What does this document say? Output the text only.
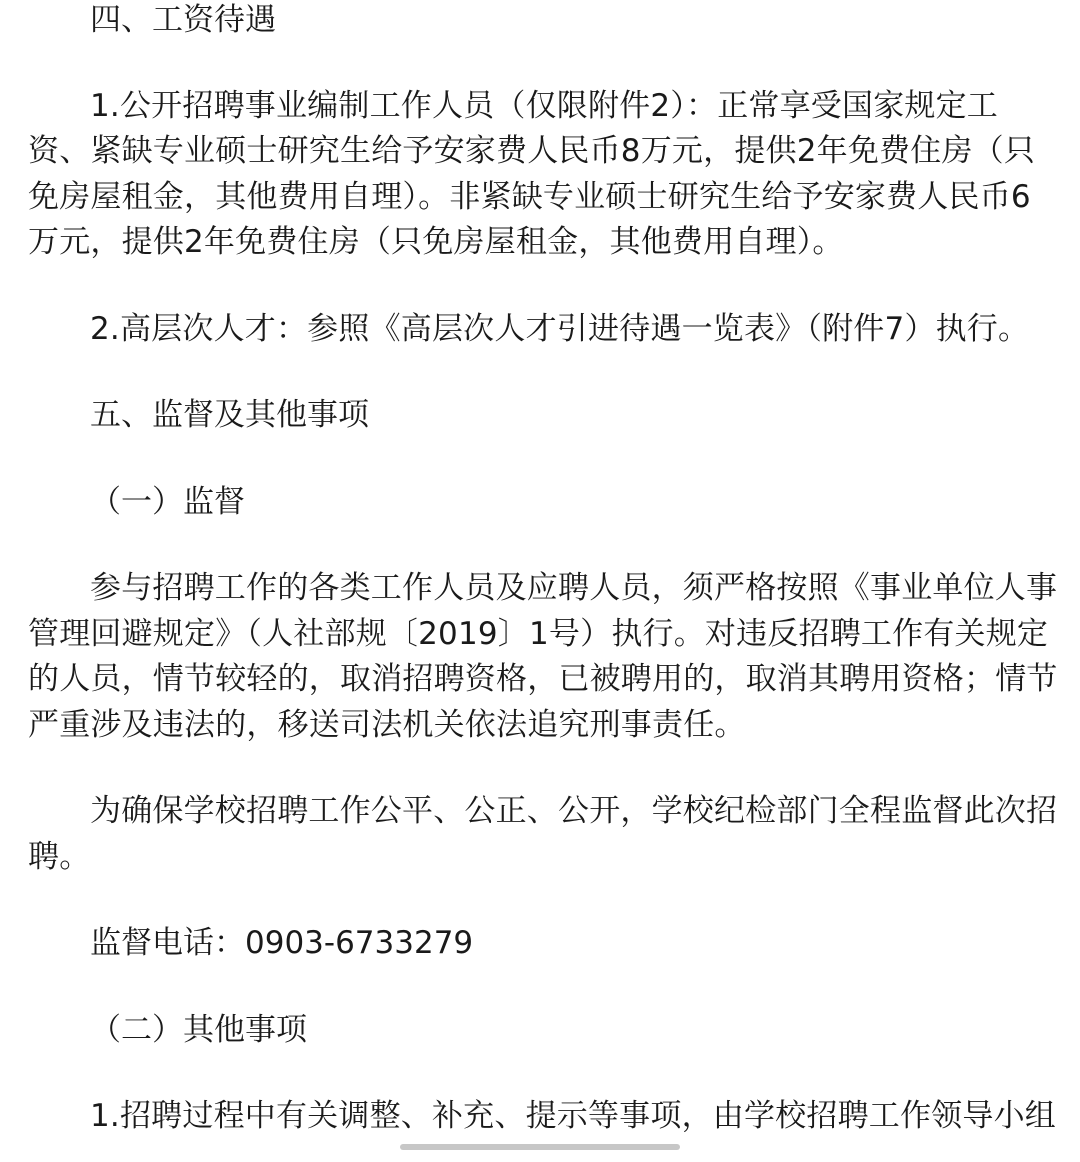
四、工资待遇

1.公开招聘事业编制工作人员（仅限附件2）：正常享受国家规定工资、紧缺专业硕士研究生给予安家费人民币8万元，提供2年免费住房（只免房屋租金，其他费用自理）。非紧缺专业硕士研究生给予安家费人民币6万元，提供2年免费住房（只免房屋租金，其他费用自理）。

2.高层次人才：参照《高层次人才引进待遇一览表》（附件7）执行。

五、监督及其他事项

（一）监督

参与招聘工作的各类工作人员及应聘人员，须严格按照《事业单位人事管理回避规定》（人社部规〔2019〕1号）执行。对违反招聘工作有关规定的人员，情节较轻的，取消招聘资格，已被聘用的，取消其聘用资格；情节严重涉及违法的，移送司法机关依法追究刑事责任。

为确保学校招聘工作公平、公正、公开，学校纪检部门全程监督此次招聘。

监督电话：0903-6733279

（二）其他事项

1.招聘过程中有关调整、补充、提示等事项，由学校招聘工作领导小组
